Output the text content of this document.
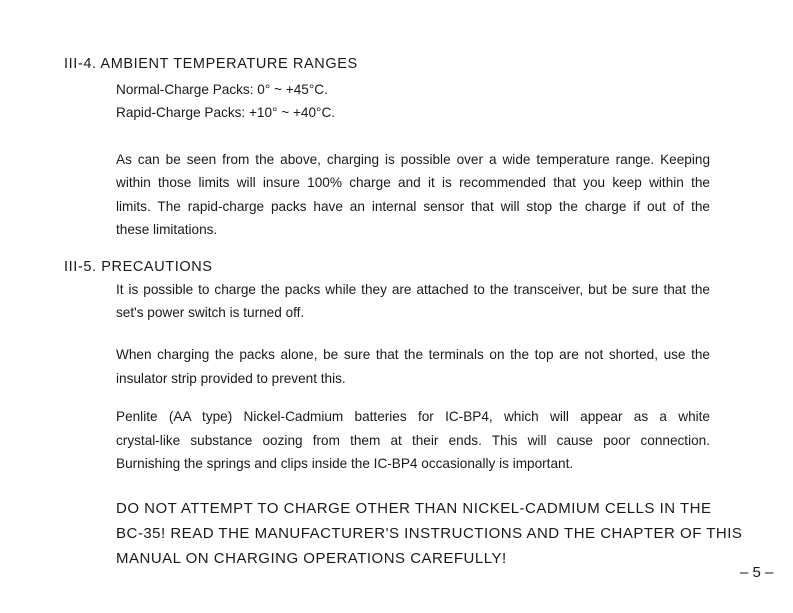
III-4. AMBIENT TEMPERATURE RANGES
Normal-Charge Packs: 0° ~ +45°C.
Rapid-Charge Packs: +10° ~ +40°C.
As can be seen from the above, charging is possible over a wide temperature range. Keeping
within those limits will insure 100% charge and it is recommended that you keep within the
limits. The rapid-charge packs have an internal sensor that will stop the charge if out of the
these limitations.
III-5. PRECAUTIONS
It is possible to charge the packs while they are attached to the transceiver, but be sure that the
set's power switch is turned off.
When charging the packs alone, be sure that the terminals on the top are not shorted, use the
insulator strip provided to prevent this.
Penlite (AA type) Nickel-Cadmium batteries for IC-BP4, which will appear as a white
crystal-like substance oozing from them at their ends. This will cause poor connection.
Burnishing the springs and clips inside the IC-BP4 occasionally is important.
DO NOT ATTEMPT TO CHARGE OTHER THAN NICKEL-CADMIUM CELLS IN THE
BC-35! READ THE MANUFACTURER'S INSTRUCTIONS AND THE CHAPTER OF THIS
MANUAL ON CHARGING OPERATIONS CAREFULLY!
– 5 –
